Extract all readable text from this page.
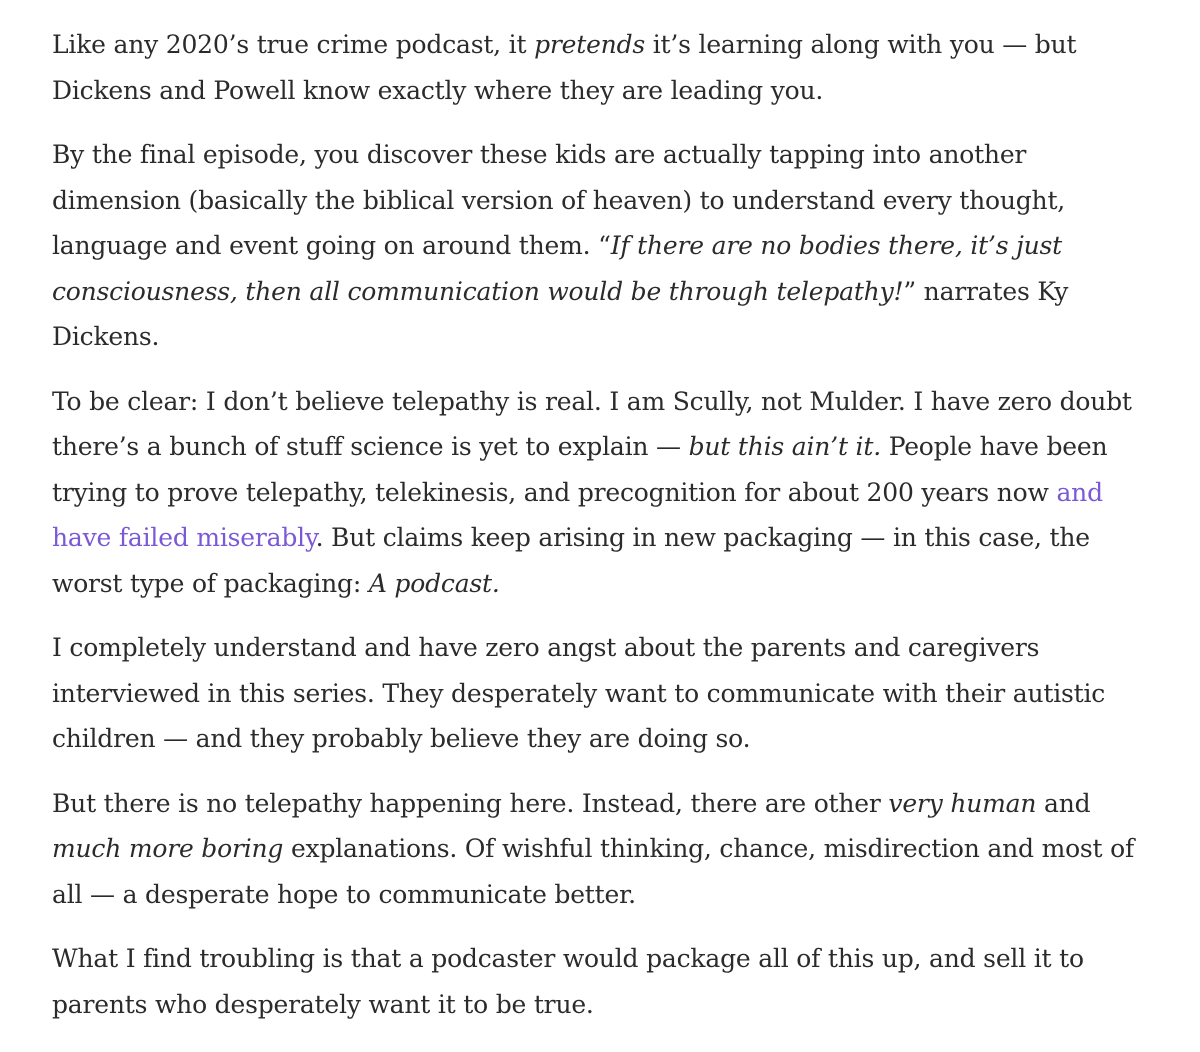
Like any 2020’s true crime podcast, it pretends it’s learning along with you — but Dickens and Powell know exactly where they are leading you.

By the final episode, you discover these kids are actually tapping into another dimension (basically the biblical version of heaven) to understand every thought, language and event going on around them. “If there are no bodies there, it’s just consciousness, then all communication would be through telepathy!” narrates Ky Dickens.

To be clear: I don’t believe telepathy is real. I am Scully, not Mulder. I have zero doubt there’s a bunch of stuff science is yet to explain — but this ain’t it. People have been trying to prove telepathy, telekinesis, and precognition for about 200 years now and have failed miserably. But claims keep arising in new packaging — in this case, the worst type of packaging: A podcast.

I completely understand and have zero angst about the parents and caregivers interviewed in this series. They desperately want to communicate with their autistic children — and they probably believe they are doing so.

But there is no telepathy happening here. Instead, there are other very human and much more boring explanations. Of wishful thinking, chance, misdirection and most of all — a desperate hope to communicate better.

What I find troubling is that a podcaster would package all of this up, and sell it to parents who desperately want it to be true.
